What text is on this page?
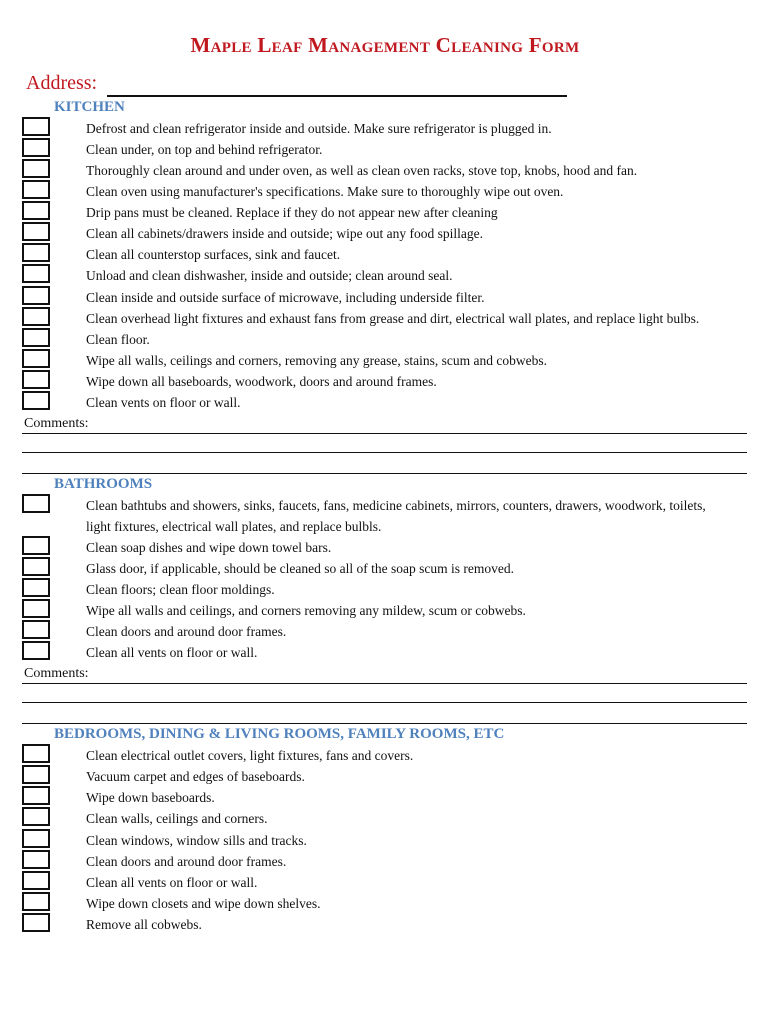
Maple Leaf Management Cleaning Form
Address:
KITCHEN
Defrost and clean refrigerator inside and outside. Make sure refrigerator is plugged in.
Clean under, on top and behind refrigerator.
Thoroughly clean around and under oven, as well as clean oven racks, stove top, knobs, hood and fan.
Clean oven using manufacturer's specifications. Make sure to thoroughly wipe out oven.
Drip pans must be cleaned. Replace if they do not appear new after cleaning
Clean all cabinets/drawers inside and outside; wipe out any food spillage.
Clean all counterstop surfaces, sink and faucet.
Unload and clean dishwasher, inside and outside; clean around seal.
Clean inside and outside surface of microwave, including underside filter.
Clean overhead light fixtures and exhaust fans from grease and dirt, electrical wall plates, and replace light bulbs.
Clean floor.
Wipe all walls, ceilings and corners, removing any grease, stains, scum and cobwebs.
Wipe down all baseboards, woodwork, doors and around frames.
Clean vents on floor or wall.
Comments:
BATHROOMS
Clean bathtubs and showers, sinks, faucets, fans, medicine cabinets, mirrors, counters, drawers, woodwork, toilets,
light fixtures, electrical wall plates, and replace bulbls.
Clean soap dishes and wipe down towel bars.
Glass door, if applicable, should be cleaned so all of the soap scum is removed.
Clean floors; clean floor moldings.
Wipe all walls and ceilings, and corners removing any mildew, scum or cobwebs.
Clean doors and around door frames.
Clean all vents on floor or wall.
Comments:
BEDROOMS, DINING & LIVING ROOMS, FAMILY ROOMS, ETC
Clean electrical outlet covers, light fixtures, fans and covers.
Vacuum carpet and edges of baseboards.
Wipe down baseboards.
Clean walls, ceilings and corners.
Clean windows, window sills and tracks.
Clean doors and around door frames.
Clean all vents on floor or wall.
Wipe down closets and wipe down shelves.
Remove all cobwebs.
